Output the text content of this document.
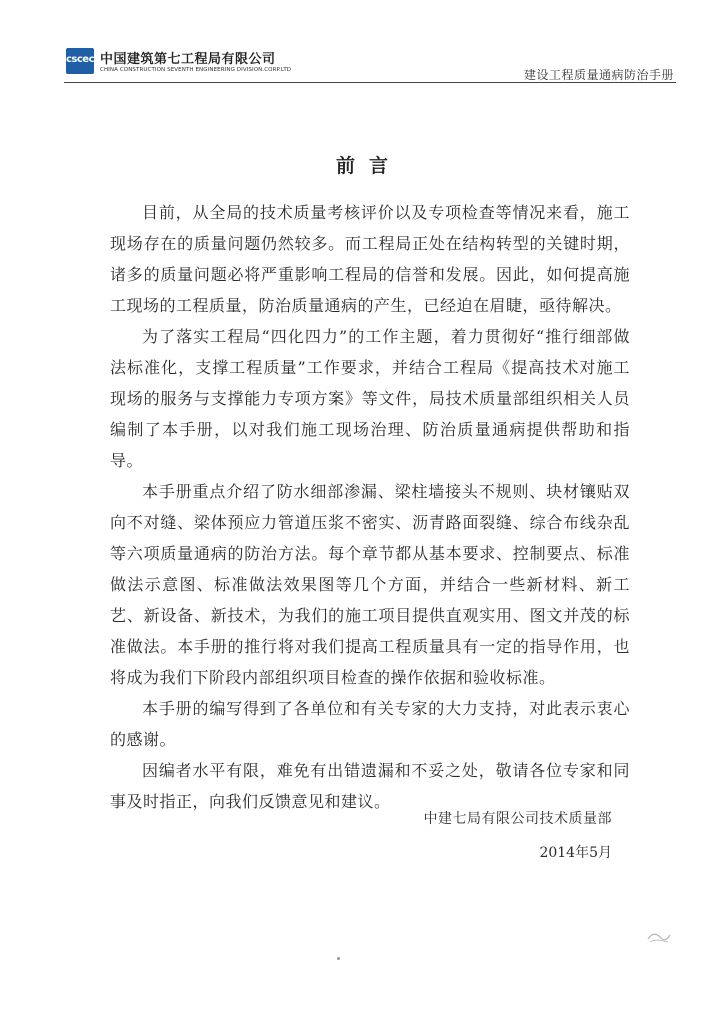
cscec 中国建筑第七工程局有限公司
CHINA CONSTRUCTION SEVENTH ENGINEERING DIVISION.CORP.LTD	建设工程质量通病防治手册
前言

目前，从全局的技术质量考核评价以及专项检查等情况来看，施工现场存在的质量问题仍然较多。而工程局正处在结构转型的关键时期，诸多的质量问题必将严重影响工程局的信誉和发展。因此，如何提高施工现场的工程质量，防治质量通病的产生，已经迫在眉睫，亟待解决。

为了落实工程局“四化四力”的工作主题，着力贯彻好“推行细部做法标准化，支撑工程质量”工作要求，并结合工程局《提高技术对施工现场的服务与支撑能力专项方案》等文件，局技术质量部组织相关人员编制了本手册，以对我们施工现场治理、防治质量通病提供帮助和指导。

本手册重点介绍了防水细部渗漏、梁柱墙接头不规则、块材镶贴双向不对缝、梁体预应力管道压浆不密实、沥青路面裂缝、综合布线杂乱等六项质量通病的防治方法。每个章节都从基本要求、控制要点、标准做法示意图、标准做法效果图等几个方面，并结合一些新材料、新工艺、新设备、新技术，为我们的施工项目提供直观实用、图文并茂的标准做法。本手册的推行将对我们提高工程质量具有一定的指导作用，也将成为我们下阶段内部组织项目检查的操作依据和验收标准。

本手册的编写得到了各单位和有关专家的大力支持，对此表示衷心的感谢。

因编者水平有限，难免有出错遗漏和不妥之处，敬请各位专家和同事及时指正，向我们反馈意见和建议。

中建七局有限公司技术质量部
2014年5月
